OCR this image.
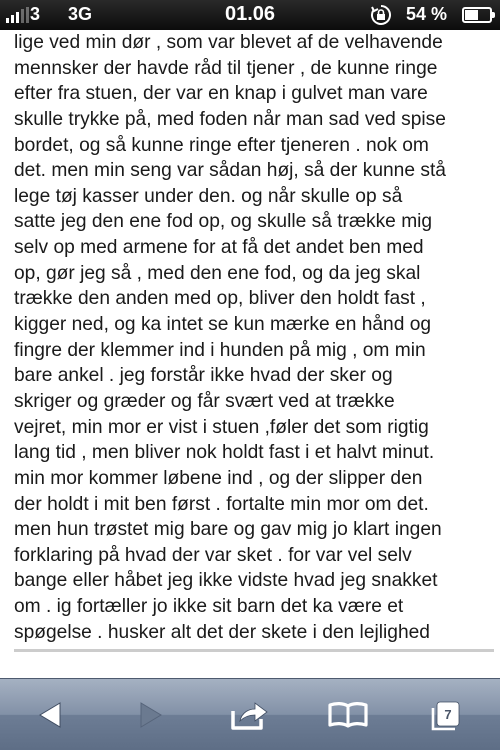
3 3G	01.06	54 %
lige ved min dør , som var blevet af de velhavende
mennsker der havde råd til tjener , de kunne ringe
efter fra stuen, der var en knap i gulvet man vare
skulle trykke på, med foden når man sad ved spise
bordet, og så kunne ringe efter tjeneren . nok om
det. men min seng var sådan høj, så der kunne stå
lege tøj kasser under den. og når skulle op så
satte jeg den ene fod op, og skulle så trække mig
selv op med armene for at få det andet ben med
op, gør jeg så , med den ene fod, og da jeg skal
trække den anden med op, bliver den holdt fast ,
kigger ned, og ka intet se kun mærke en hånd og
fingre der klemmer ind i hunden på mig , om min
bare ankel . jeg forstår ikke hvad der sker og
skriger og græder og får svært ved at trække
vejret, min mor er vist i stuen ,føler det som rigtig
lang tid , men bliver nok holdt fast i et halvt minut.
min mor kommer løbene ind , og der slipper den
der holdt i mit ben først . fortalte min mor om det.
men hun trøstet mig bare og gav mig jo klart ingen
forklaring på hvad der var sket . for var vel selv
bange eller håbet jeg ikke vidste hvad jeg snakket
om . ig fortæller jo ikke sit barn det ka være et
spøgelse . husker alt det der skete i den lejlighed
7
